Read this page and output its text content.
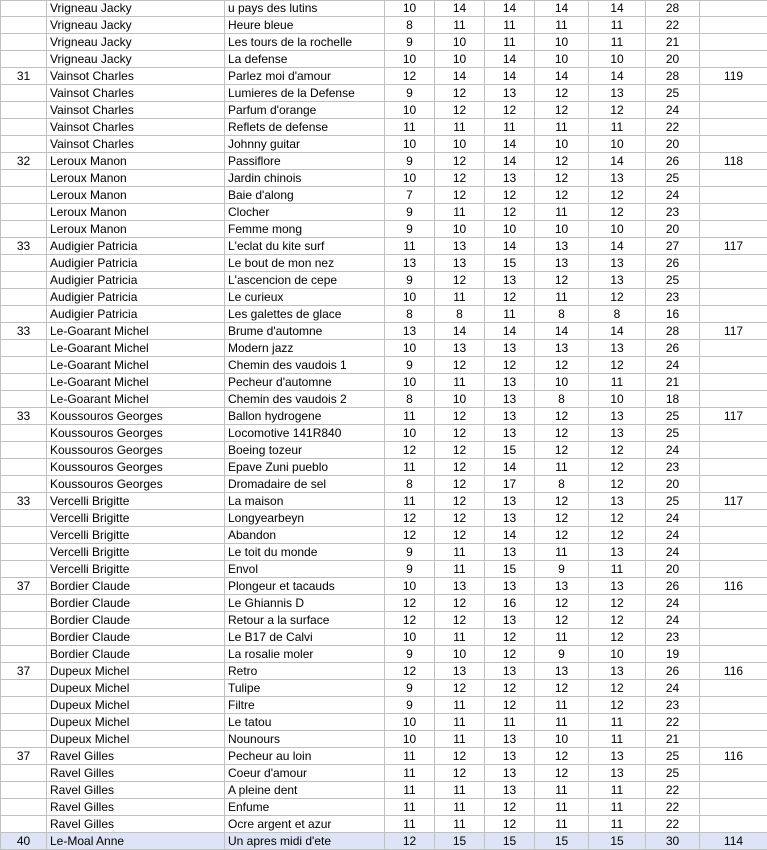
	Vrigneau Jacky	u pays des lutins	10	14	14	14	14	28	
	Vrigneau Jacky	Heure bleue	8	11	11	11	11	22	
	Vrigneau Jacky	Les tours de la rochelle	9	10	11	10	11	21	
	Vrigneau Jacky	La defense	10	10	14	10	10	20	
31	Vainsot Charles	Parlez moi d'amour	12	14	14	14	14	28	119
	Vainsot Charles	Lumieres de la Defense	9	12	13	12	13	25	
	Vainsot Charles	Parfum d'orange	10	12	12	12	12	24	
	Vainsot Charles	Reflets de defense	11	11	11	11	11	22	
	Vainsot Charles	Johnny guitar	10	10	14	10	10	20	
32	Leroux Manon	Passiflore	9	12	14	12	14	26	118
	Leroux Manon	Jardin chinois	10	12	13	12	13	25	
	Leroux Manon	Baie d'along	7	12	12	12	12	24	
	Leroux Manon	Clocher	9	11	12	11	12	23	
	Leroux Manon	Femme mong	9	10	10	10	10	20	
33	Audigier Patricia	L'eclat du kite surf	11	13	14	13	14	27	117
	Audigier Patricia	Le bout de mon nez	13	13	15	13	13	26	
	Audigier Patricia	L'ascencion de cepe	9	12	13	12	13	25	
	Audigier Patricia	Le curieux	10	11	12	11	12	23	
	Audigier Patricia	Les galettes de glace	8	8	11	8	8	16	
33	Le-Goarant Michel	Brume d'automne	13	14	14	14	14	28	117
	Le-Goarant Michel	Modern jazz	10	13	13	13	13	26	
	Le-Goarant Michel	Chemin des vaudois 1	9	12	12	12	12	24	
	Le-Goarant Michel	Pecheur d'automne	10	11	13	10	11	21	
	Le-Goarant Michel	Chemin des vaudois 2	8	10	13	8	10	18	
33	Koussouros Georges	Ballon hydrogene	11	12	13	12	13	25	117
	Koussouros Georges	Locomotive 141R840	10	12	13	12	13	25	
	Koussouros Georges	Boeing tozeur	12	12	15	12	12	24	
	Koussouros Georges	Epave Zuni pueblo	11	12	14	11	12	23	
	Koussouros Georges	Dromadaire de sel	8	12	17	8	12	20	
33	Vercelli Brigitte	La maison	11	12	13	12	13	25	117
	Vercelli Brigitte	Longyearbeyn	12	12	13	12	12	24	
	Vercelli Brigitte	Abandon	12	12	14	12	12	24	
	Vercelli Brigitte	Le toit du monde	9	11	13	11	13	24	
	Vercelli Brigitte	Envol	9	11	15	9	11	20	
37	Bordier Claude	Plongeur et tacauds	10	13	13	13	13	26	116
	Bordier Claude	Le Ghiannis D	12	12	16	12	12	24	
	Bordier Claude	Retour a la surface	12	12	13	12	12	24	
	Bordier Claude	Le B17 de Calvi	10	11	12	11	12	23	
	Bordier Claude	La rosalie moler	9	10	12	9	10	19	
37	Dupeux Michel	Retro	12	13	13	13	13	26	116
	Dupeux Michel	Tulipe	9	12	12	12	12	24	
	Dupeux Michel	Filtre	9	11	12	11	12	23	
	Dupeux Michel	Le tatou	10	11	11	11	11	22	
	Dupeux Michel	Nounours	10	11	13	10	11	21	
37	Ravel Gilles	Pecheur au loin	11	12	13	12	13	25	116
	Ravel Gilles	Coeur d'amour	11	12	13	12	13	25	
	Ravel Gilles	A pleine dent	11	11	13	11	11	22	
	Ravel Gilles	Enfume	11	11	12	11	11	22	
	Ravel Gilles	Ocre argent et azur	11	11	12	11	11	22	
40	Le-Moal Anne	Un apres midi d'ete	12	15	15	15	15	30	114
